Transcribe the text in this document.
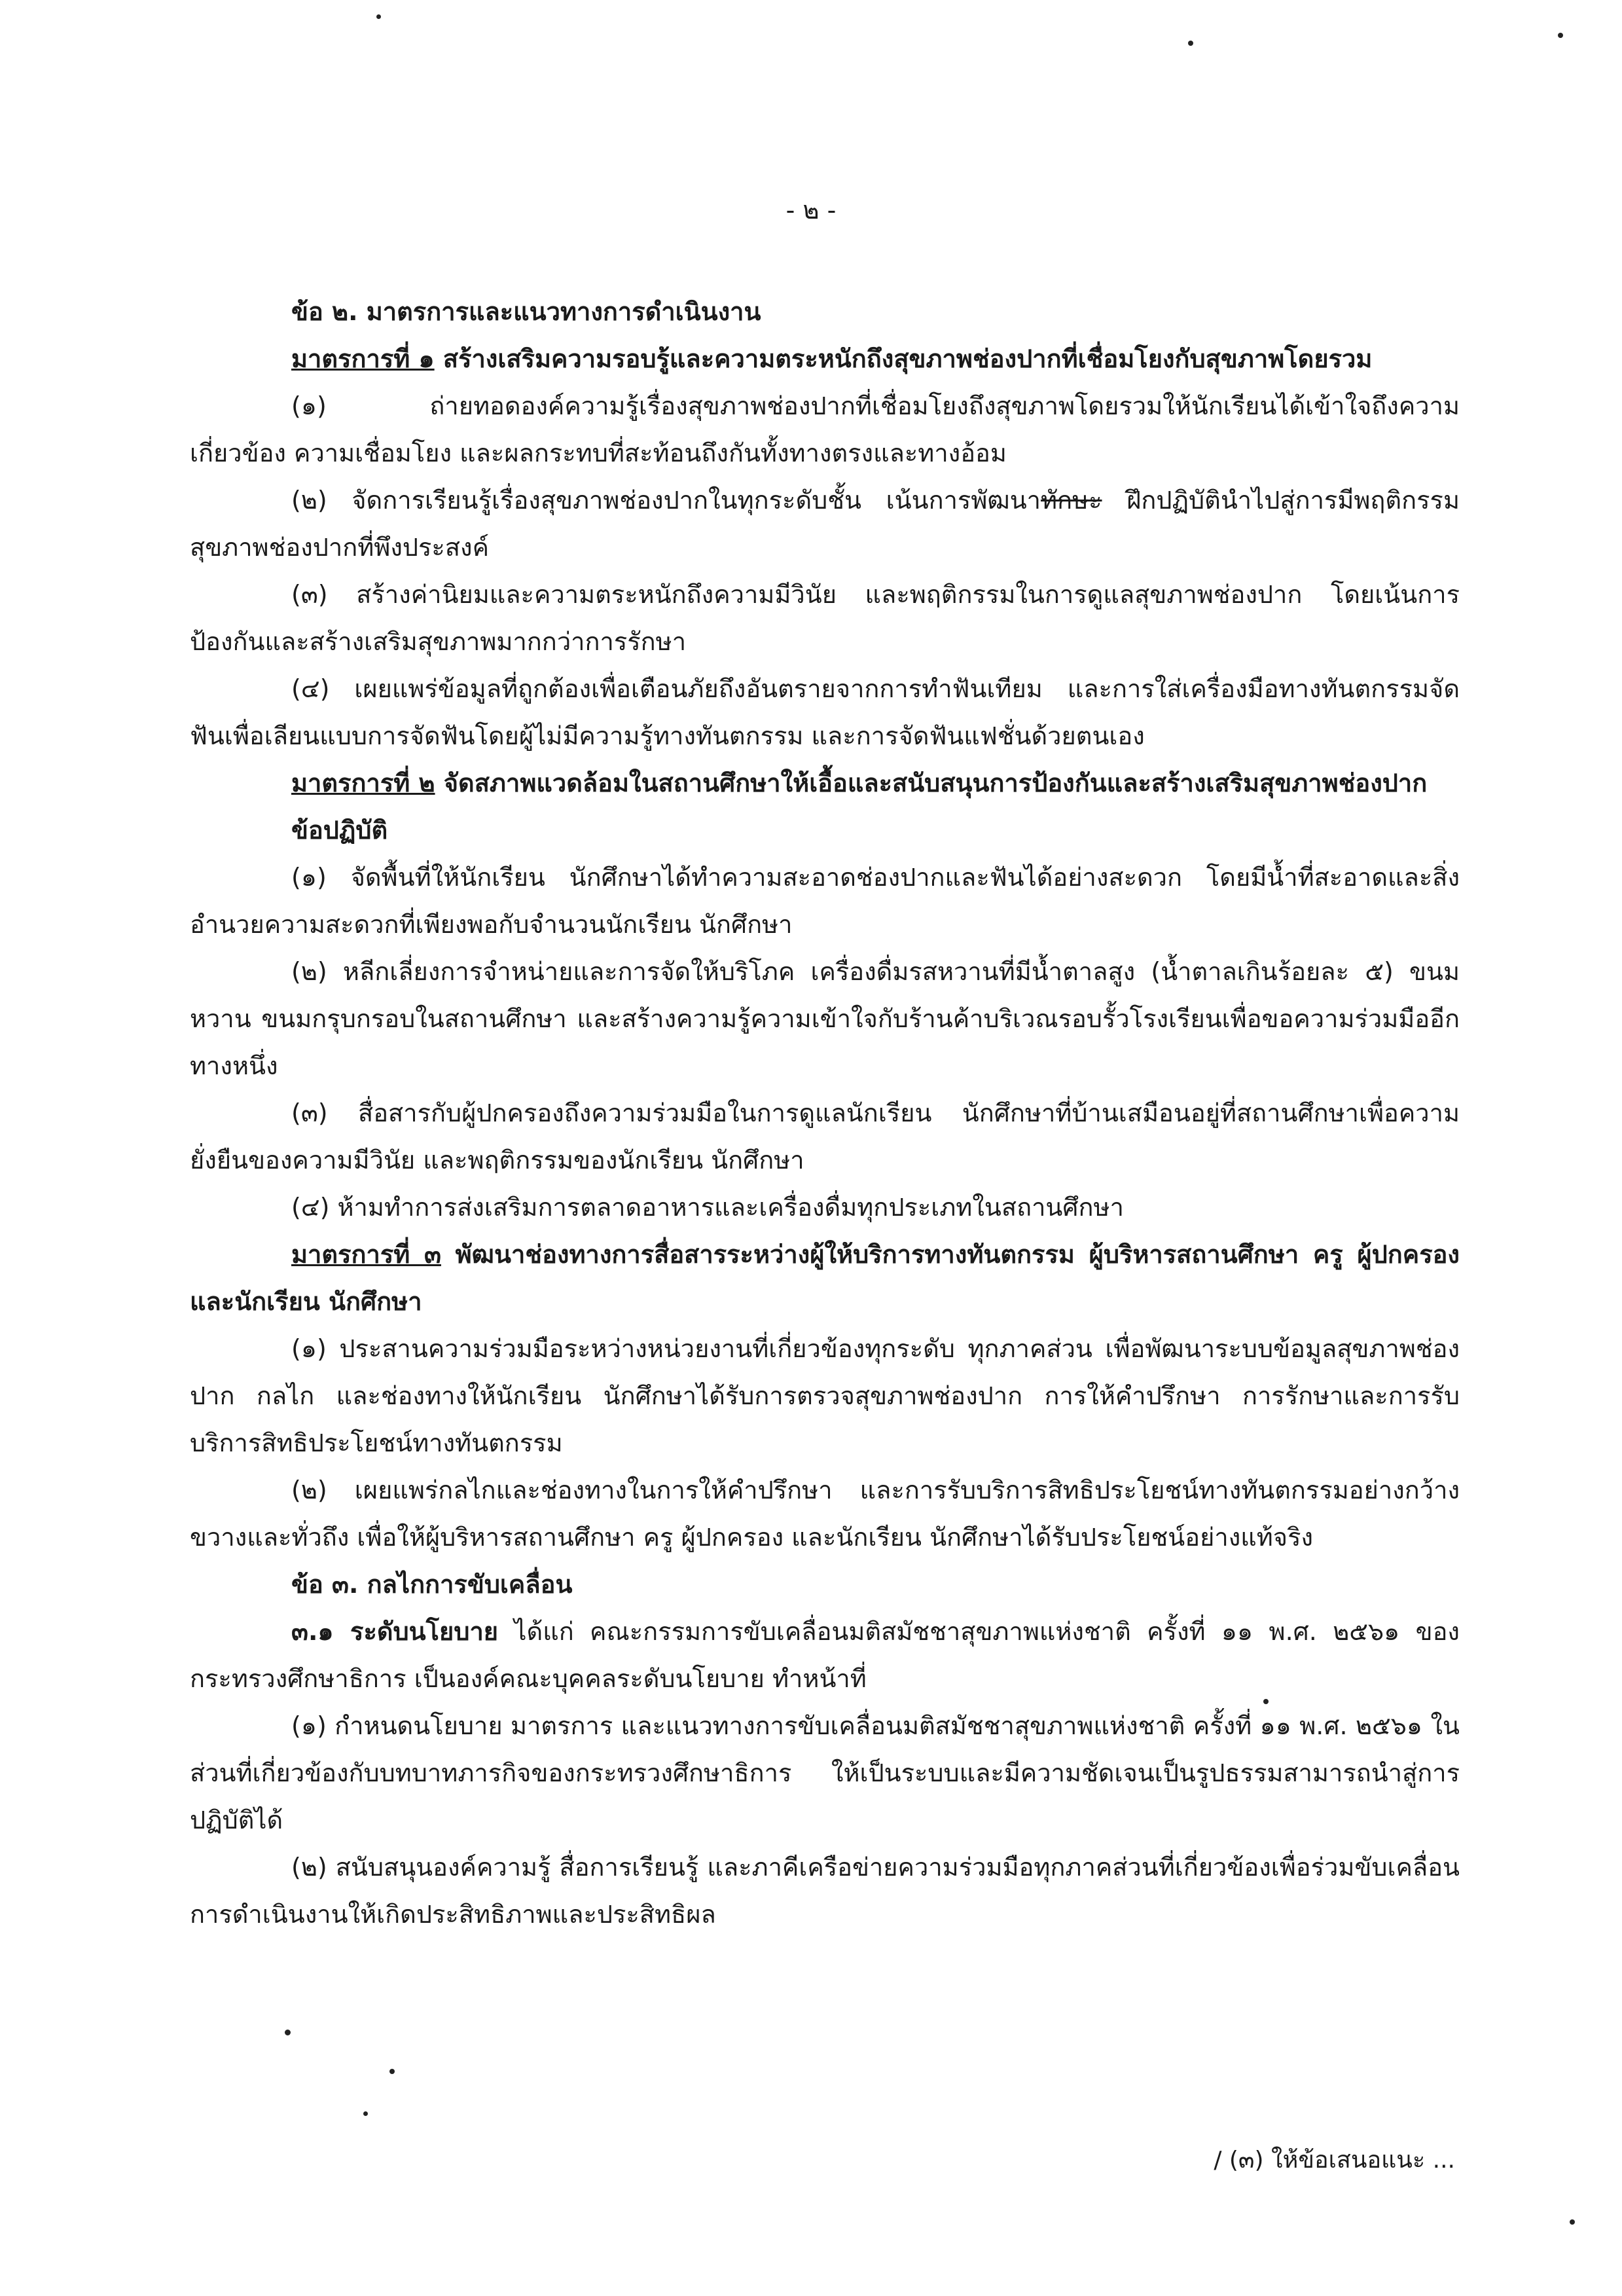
- ๒ -

ข้อ ๒. มาตรการและแนวทางการดำเนินงาน

มาตรการที่ ๑ สร้างเสริมความรอบรู้และความตระหนักถึงสุขภาพช่องปากที่เชื่อมโยงกับสุขภาพโดยรวม

(๑) ถ่ายทอดองค์ความรู้เรื่องสุขภาพช่องปากที่เชื่อมโยงถึงสุขภาพโดยรวมให้นักเรียนได้เข้าใจถึงความเกี่ยวข้อง ความเชื่อมโยง และผลกระทบที่สะท้อนถึงกันทั้งทางตรงและทางอ้อม

(๒) จัดการเรียนรู้เรื่องสุขภาพช่องปากในทุกระดับชั้น เน้นการพัฒนาทักษะ ฝึกปฏิบัตินำไปสู่การมีพฤติกรรมสุขภาพช่องปากที่พึงประสงค์

(๓) สร้างค่านิยมและความตระหนักถึงความมีวินัย และพฤติกรรมในการดูแลสุขภาพช่องปาก โดยเน้นการป้องกันและสร้างเสริมสุขภาพมากกว่าการรักษา

(๔) เผยแพร่ข้อมูลที่ถูกต้องเพื่อเตือนภัยถึงอันตรายจากการทำฟันเทียม และการใส่เครื่องมือทางทันตกรรมจัดฟันเพื่อเลียนแบบการจัดฟันโดยผู้ไม่มีความรู้ทางทันตกรรม และการจัดฟันแฟชั่นด้วยตนเอง

มาตรการที่ ๒ จัดสภาพแวดล้อมในสถานศึกษาให้เอื้อและสนับสนุนการป้องกันและสร้างเสริมสุขภาพช่องปาก

ข้อปฏิบัติ

(๑) จัดพื้นที่ให้นักเรียน นักศึกษาได้ทำความสะอาดช่องปากและฟันได้อย่างสะดวก โดยมีน้ำที่สะอาดและสิ่งอำนวยความสะดวกที่เพียงพอกับจำนวนนักเรียน นักศึกษา

(๒) หลีกเลี่ยงการจำหน่ายและการจัดให้บริโภค เครื่องดื่มรสหวานที่มีน้ำตาลสูง (น้ำตาลเกินร้อยละ ๕) ขนมหวาน ขนมกรุบกรอบในสถานศึกษา และสร้างความรู้ความเข้าใจกับร้านค้าบริเวณรอบรั้วโรงเรียนเพื่อขอความร่วมมืออีกทางหนึ่ง

(๓) สื่อสารกับผู้ปกครองถึงความร่วมมือในการดูแลนักเรียน นักศึกษาที่บ้านเสมือนอยู่ที่สถานศึกษาเพื่อความยั่งยืนของความมีวินัย และพฤติกรรมของนักเรียน นักศึกษา

(๔) ห้ามทำการส่งเสริมการตลาดอาหารและเครื่องดื่มทุกประเภทในสถานศึกษา

มาตรการที่ ๓ พัฒนาช่องทางการสื่อสารระหว่างผู้ให้บริการทางทันตกรรม ผู้บริหารสถานศึกษา ครู ผู้ปกครอง และนักเรียน นักศึกษา

(๑) ประสานความร่วมมือระหว่างหน่วยงานที่เกี่ยวข้องทุกระดับ ทุกภาคส่วน เพื่อพัฒนาระบบข้อมูลสุขภาพช่องปาก กลไก และช่องทางให้นักเรียน นักศึกษาได้รับการตรวจสุขภาพช่องปาก การให้คำปรึกษา การรักษาและการรับบริการสิทธิประโยชน์ทางทันตกรรม

(๒) เผยแพร่กลไกและช่องทางในการให้คำปรึกษา และการรับบริการสิทธิประโยชน์ทางทันตกรรมอย่างกว้างขวางและทั่วถึง เพื่อให้ผู้บริหารสถานศึกษา ครู ผู้ปกครอง และนักเรียน นักศึกษาได้รับประโยชน์อย่างแท้จริง

ข้อ ๓. กลไกการขับเคลื่อน

๓.๑ ระดับนโยบาย ได้แก่ คณะกรรมการขับเคลื่อนมติสมัชชาสุขภาพแห่งชาติ ครั้งที่ ๑๑ พ.ศ. ๒๕๖๑ ของกระทรวงศึกษาธิการ เป็นองค์คณะบุคคลระดับนโยบาย ทำหน้าที่

(๑) กำหนดนโยบาย มาตรการ และแนวทางการขับเคลื่อนมติสมัชชาสุขภาพแห่งชาติ ครั้งที่ ๑๑ พ.ศ. ๒๕๖๑ ในส่วนที่เกี่ยวข้องกับบทบาทภารกิจของกระทรวงศึกษาธิการ ให้เป็นระบบและมีความชัดเจนเป็นรูปธรรมสามารถนำสู่การปฏิบัติได้

(๒) สนับสนุนองค์ความรู้ สื่อการเรียนรู้ และภาคีเครือข่ายความร่วมมือทุกภาคส่วนที่เกี่ยวข้องเพื่อร่วมขับเคลื่อนการดำเนินงานให้เกิดประสิทธิภาพและประสิทธิผล

/ (๓) ให้ข้อเสนอแนะ ...
